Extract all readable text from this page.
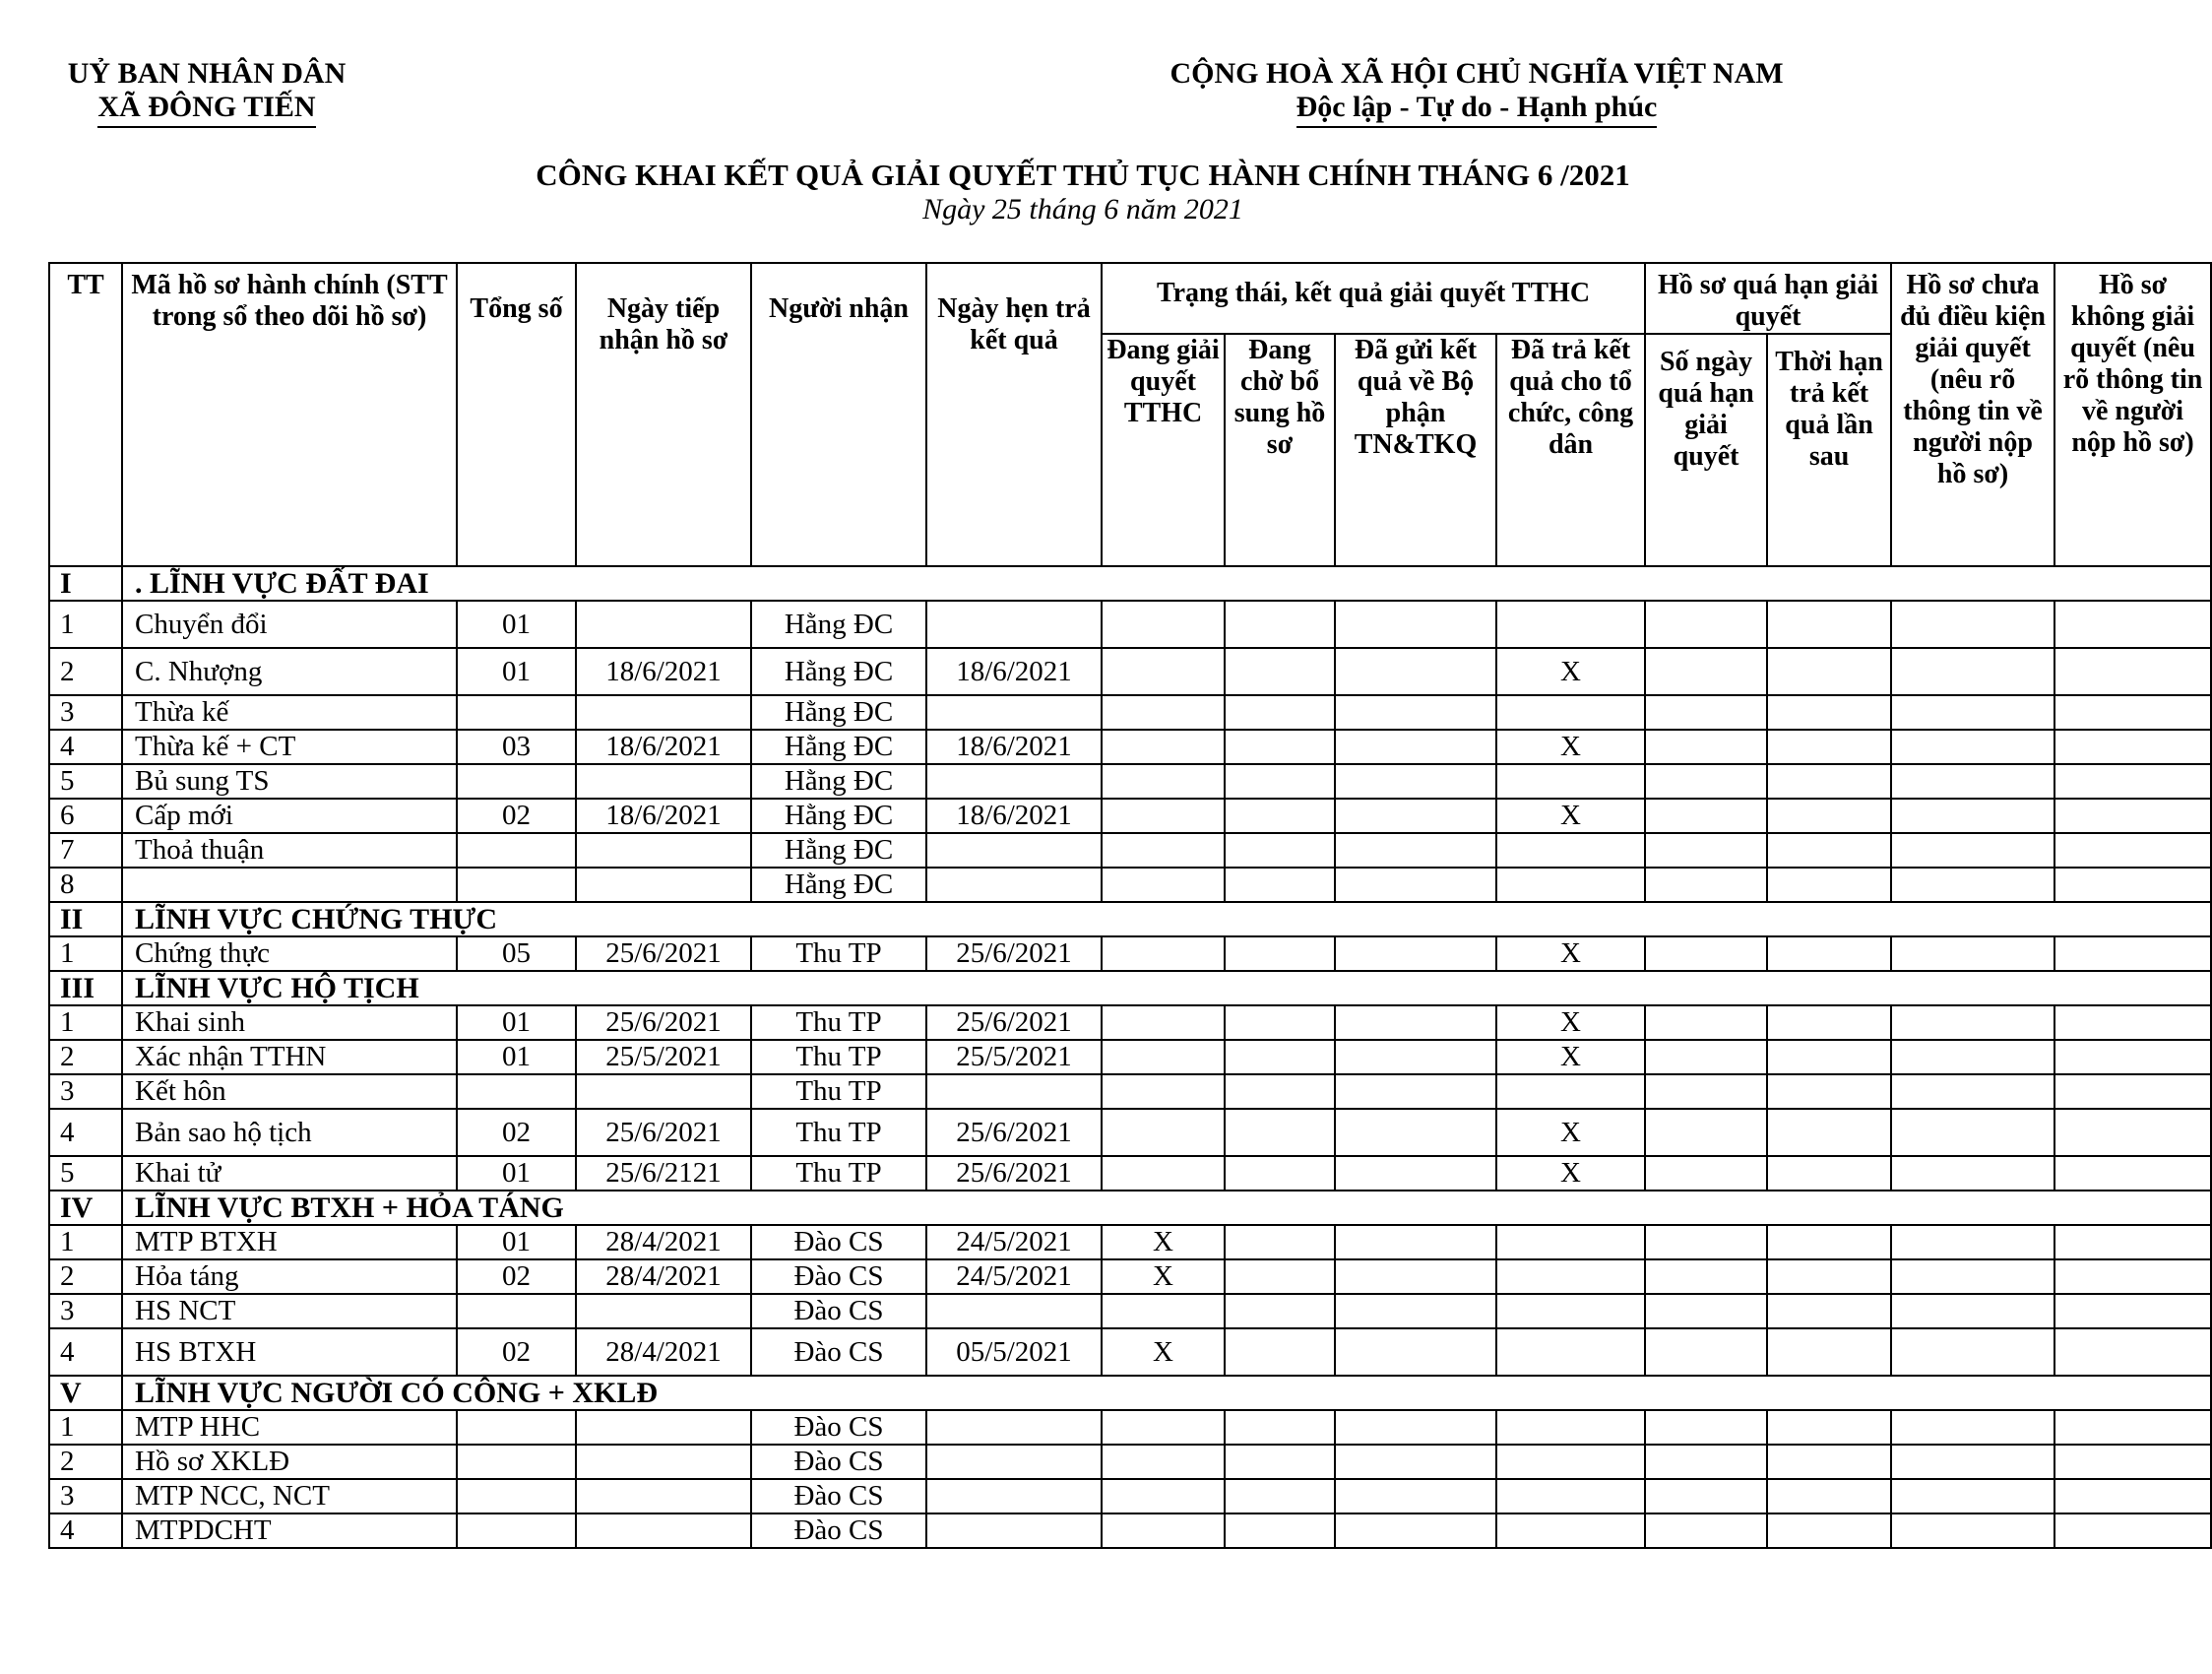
UỶ BAN NHÂN DÂN
XÃ ĐÔNG TIẾN
CỘNG HOÀ XÃ HỘI CHỦ NGHĨA VIỆT NAM
Độc lập - Tự do - Hạnh phúc
CÔNG KHAI KẾT QUẢ GIẢI QUYẾT THỦ TỤC HÀNH CHÍNH THÁNG 6 /2021
Ngày 25 tháng 6 năm 2021
TT	Mã hồ sơ hành chính (STT trong sổ theo dõi hồ sơ)	Tổng số	Ngày tiếp nhận hồ sơ	Người nhận	Ngày hẹn trả kết quả	Trạng thái, kết quả giải quyết TTHC				Hồ sơ quá hạn giải quyết		Hồ sơ chưa đủ điều kiện giải quyết (nêu rõ thông tin về người nộp hồ sơ)	Hồ sơ không giải quyết (nêu rõ thông tin về người nộp hồ sơ)
						Đang giải quyết TTHC	Đang chờ bổ sung hồ sơ	Đã gửi kết quả về Bộ phận TN&TKQ	Đã trả kết quả cho tổ chức, công dân	Số ngày quá hạn giải quyết	Thời hạn trả kết quả lần sau		
I	. LĨNH VỰC ĐẤT ĐAI												
1	Chuyển đổi	01		Hằng ĐC									
2	C. Nhượng	01	18/6/2021	Hằng ĐC	18/6/2021				X				
3	Thừa kế			Hằng ĐC									
4	Thừa kế + CT	03	18/6/2021	Hằng ĐC	18/6/2021				X				
5	Bủ sung TS			Hằng ĐC									
6	Cấp mới	02	18/6/2021	Hằng ĐC	18/6/2021				X				
7	Thoả thuận			Hằng ĐC									
8				Hằng ĐC									
II	LĨNH VỰC CHỨNG THỰC												
1	Chứng thực	05	25/6/2021	Thu TP	25/6/2021				X				
III	LĨNH VỰC HỘ TỊCH												
1	Khai sinh	01	25/6/2021	Thu TP	25/6/2021				X				
2	Xác nhận TTHN	01	25/5/2021	Thu TP	25/5/2021				X				
3	Kết hôn			Thu TP									
4	Bản sao hộ tịch	02	25/6/2021	Thu TP	25/6/2021				X				
5	Khai tử	01	25/6/2121	Thu TP	25/6/2021				X				
IV	LĨNH VỰC BTXH + HỎA TÁNG												
1	MTP BTXH	01	28/4/2021	Đào CS	24/5/2021	X							
2	Hỏa táng	02	28/4/2021	Đào CS	24/5/2021	X							
3	HS NCT			Đào CS									
4	HS BTXH	02	28/4/2021	Đào CS	05/5/2021	X							
V	LĨNH VỰC NGƯỜI CÓ CÔNG + XKLĐ												
1	MTP HHC			Đào CS									
2	Hồ sơ XKLĐ			Đào CS									
3	MTP NCC, NCT			Đào CS									
4	MTPDCHT			Đào CS									
